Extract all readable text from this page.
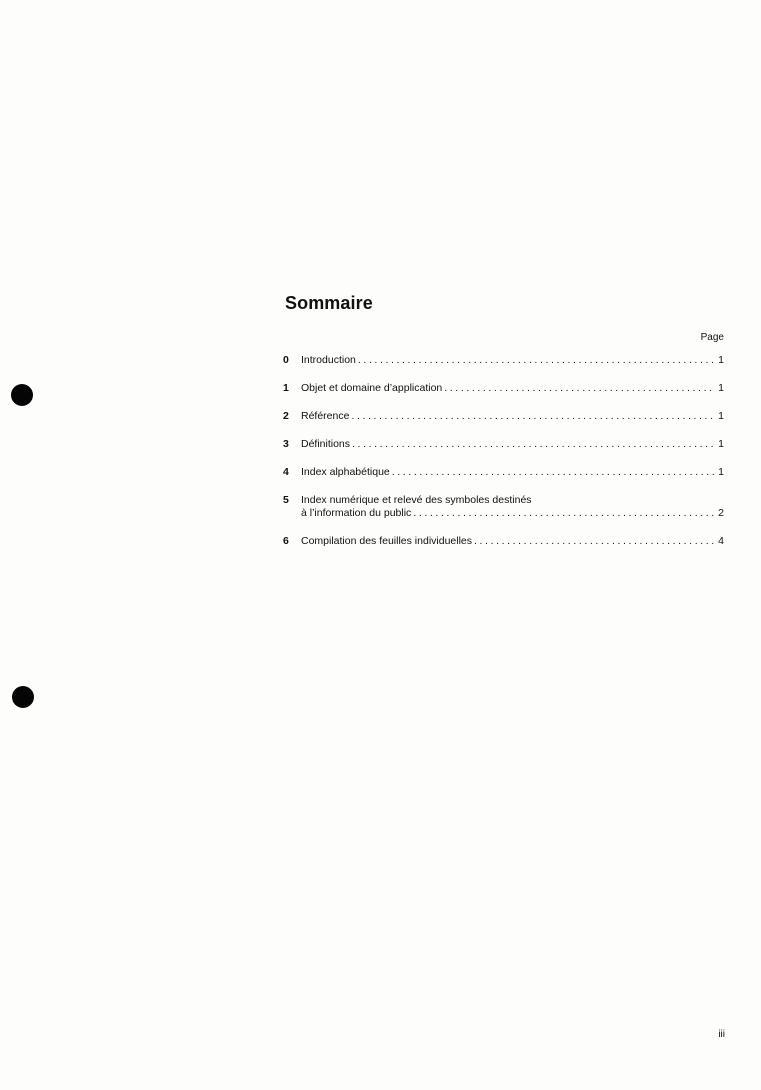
Sommaire
Page
0	Introduction .....	1
1	Objet et domaine d’application .....	1
2	Référence .....	1
3	Définitions .....	1
4	Index alphabétique .....	1
5	Index numérique et relevé des symboles destinés
à l’information du public .....	2
6	Compilation des feuilles individuelles .....	4
iii
